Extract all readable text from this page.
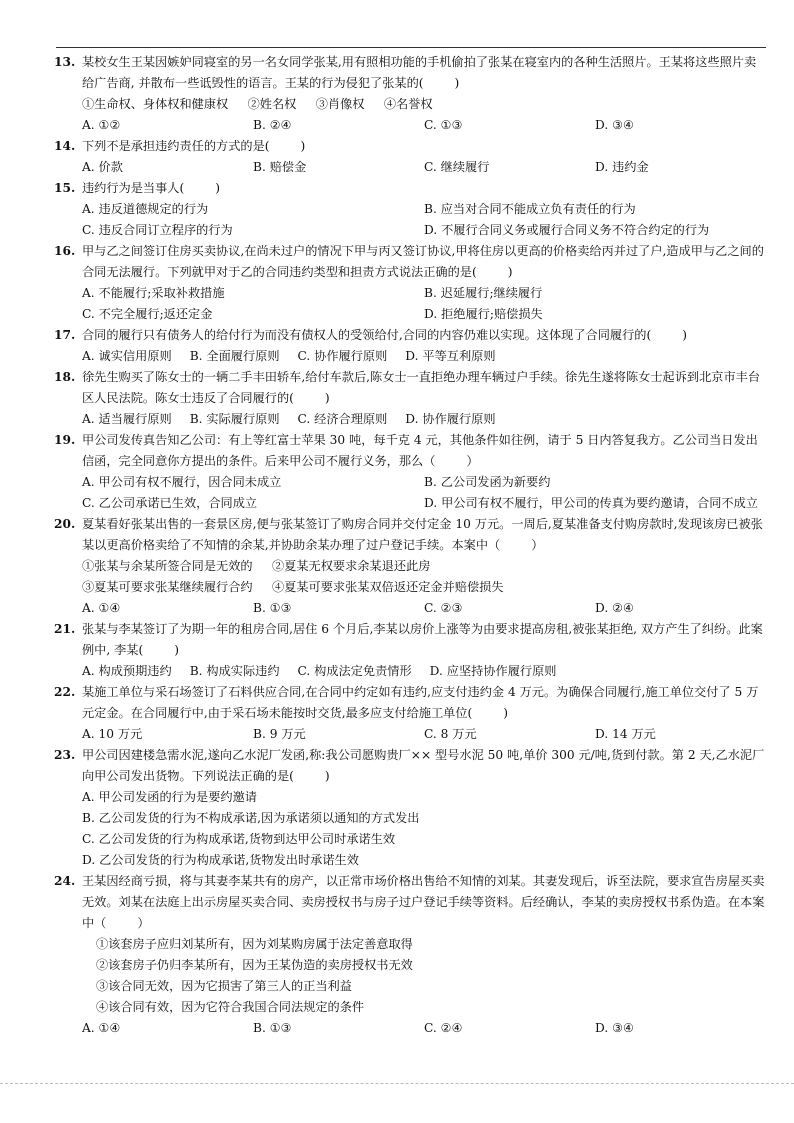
13. 某校女生王某因嫉妒同寝室的另一名女同学张某,用有照相功能的手机偷拍了张某在寝室内的各种生活照片。王某将这些照片卖给广告商, 并散布一些诋毁性的语言。王某的行为侵犯了张某的(        )
①生命权、身体权和健康权     ②姓名权     ③肖像权     ④名誉权
A. ①②	B. ②④	C. ①③	D. ③④
14. 下列不是承担违约责任的方式的是(        )
A. 价款	B. 赔偿金	C. 继续履行	D. 违约金
15. 违约行为是当事人(        )
A. 违反道德规定的行为	B. 应当对合同不能成立负有责任的行为
C. 违反合同订立程序的行为	D. 不履行合同义务或履行合同义务不符合约定的行为
16. 甲与乙之间签订住房买卖协议,在尚未过户的情况下甲与丙又签订协议,甲将住房以更高的价格卖给丙并过了户,造成甲与乙之间的合同无法履行。下列就甲对于乙的合同违约类型和担责方式说法正确的是(        )
A. 不能履行;采取补救措施	B. 迟延履行;继续履行
C. 不完全履行;返还定金	D. 拒绝履行;赔偿损失
17. 合同的履行只有债务人的给付行为而没有债权人的受领给付,合同的内容仍难以实现。这体现了合同履行的(        )
A. 诚实信用原则 B. 全面履行原则 C. 协作履行原则 D. 平等互利原则
18. 徐先生购买了陈女士的一辆二手丰田轿车,给付车款后,陈女士一直拒绝办理车辆过户手续。徐先生遂将陈女士起诉到北京市丰台区人民法院。陈女士违反了合同履行的(        )
A. 适当履行原则 B. 实际履行原则 C. 经济合理原则 D. 协作履行原则
19. 甲公司发传真告知乙公司：有上等红富士苹果 30 吨，每千克 4 元，其他条件如往例，请于 5 日内答复我方。乙公司当日发出信函，完全同意你方提出的条件。后来甲公司不履行义务，那么（        ）
A. 甲公司有权不履行，因合同未成立	B. 乙公司发函为新要约
C. 乙公司承诺已生效，合同成立	D. 甲公司有权不履行，甲公司的传真为要约邀请，合同不成立
20. 夏某看好张某出售的一套景区房,便与张某签订了购房合同并交付定金 10 万元。一周后,夏某准备支付购房款时,发现该房已被张某以更高价格卖给了不知情的余某,并协助余某办理了过户登记手续。本案中（        ）
①张某与余某所签合同是无效的     ②夏某无权要求余某退还此房
③夏某可要求张某继续履行合约     ④夏某可要求张某双倍返还定金并赔偿损失
A. ①④	B. ①③	C. ②③	D. ②④
21. 张某与李某签订了为期一年的租房合同,居住 6 个月后,李某以房价上涨等为由要求提高房租,被张某拒绝, 双方产生了纠纷。此案例中, 李某(        )
A. 构成预期违约 B. 构成实际违约 C. 构成法定免责情形 D. 应坚持协作履行原则
22. 某施工单位与采石场签订了石料供应合同,在合同中约定如有违约,应支付违约金 4 万元。为确保合同履行,施工单位交付了 5 万元定金。在合同履行中,由于采石场未能按时交货,最多应支付给施工单位(        )
A. 10 万元	B. 9 万元	C. 8 万元	D. 14 万元
23. 甲公司因建楼急需水泥,遂向乙水泥厂发函,称:我公司愿购贵厂×× 型号水泥 50 吨,单价 300 元/吨,货到付款。第 2 天,乙水泥厂向甲公司发出货物。下列说法正确的是(        )
A. 甲公司发函的行为是要约邀请
B. 乙公司发货的行为不构成承诺,因为承诺须以通知的方式发出
C. 乙公司发货的行为构成承诺,货物到达甲公司时承诺生效
D. 乙公司发货的行为构成承诺,货物发出时承诺生效
24. 王某因经商亏损，将与其妻李某共有的房产，以正常市场价格出售给不知情的刘某。其妻发现后，诉至法院，要求宣告房屋买卖无效。刘某在法庭上出示房屋买卖合同、卖房授权书与房子过户登记手续等资料。后经确认，李某的卖房授权书系伪造。在本案中（        ）
①该套房子应归刘某所有，因为刘某购房属于法定善意取得
②该套房子仍归李某所有，因为王某伪造的卖房授权书无效
③该合同无效，因为它损害了第三人的正当利益
④该合同有效，因为它符合我国合同法规定的条件
A. ①④	B. ①③	C. ②④	D. ③④
